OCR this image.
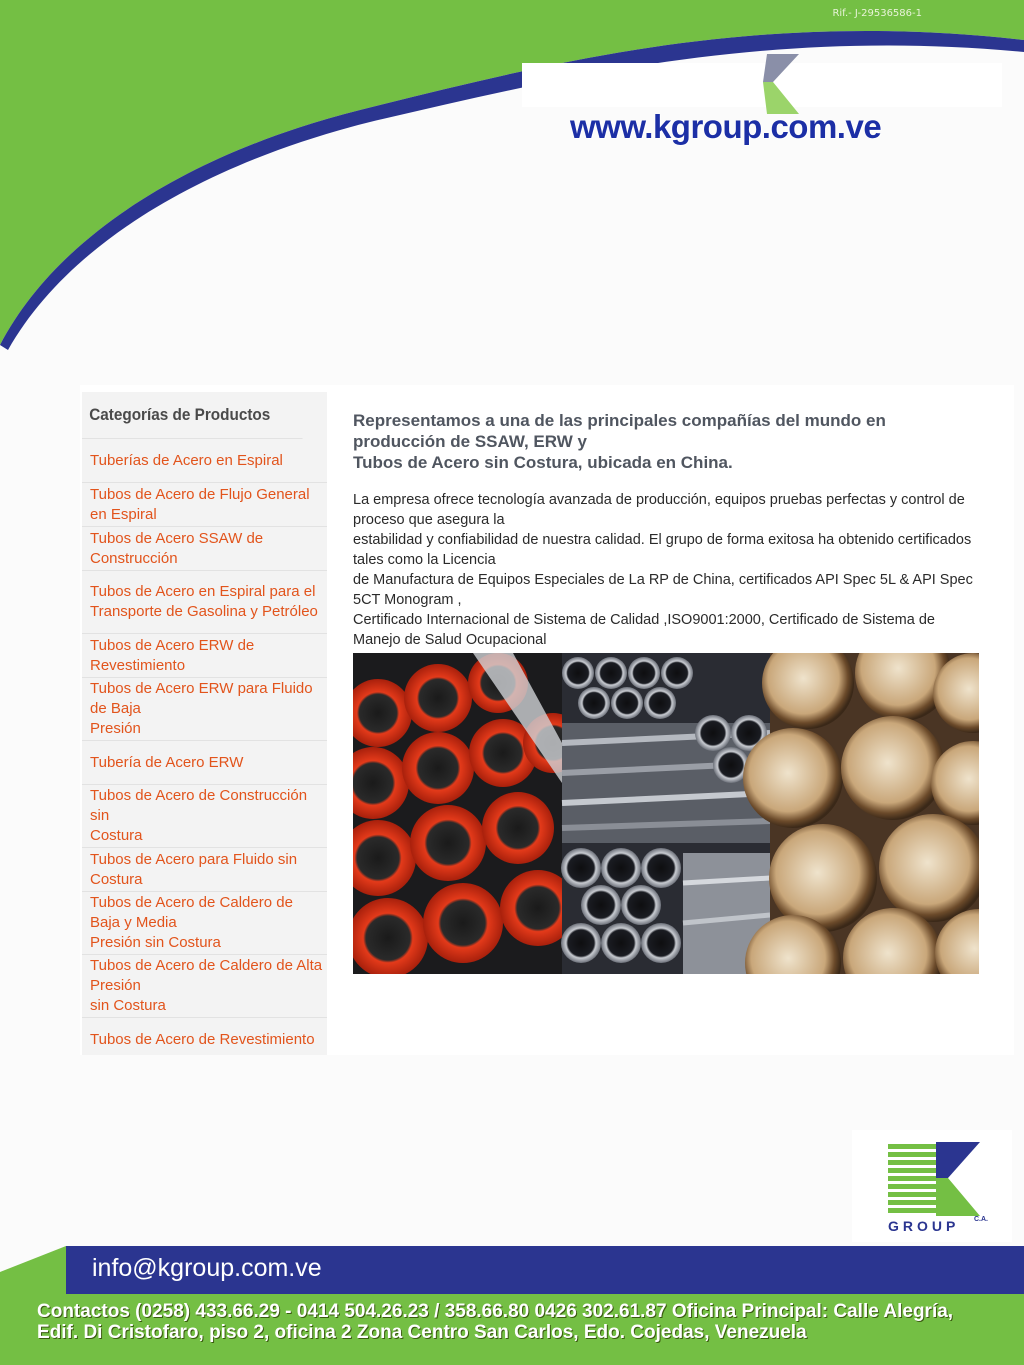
Rif.- J-29536586-1
www.kgroup.com.ve
Categorías de Productos
Tuberías de Acero en Espiral
Tubos de Acero de Flujo General en Espiral
Tubos de Acero SSAW de Construcción
Tubos de Acero en Espiral para el
Transporte de Gasolina y Petróleo
Tubos de Acero ERW de Revestimiento
Tubos de Acero ERW para Fluido de Baja
Presión
Tubería de Acero ERW
Tubos de Acero de Construcción sin
Costura
Tubos de Acero para Fluido sin Costura
Tubos de Acero de Caldero de Baja y Media
Presión sin Costura
Tubos de Acero de Caldero de Alta Presión
sin Costura
Tubos de Acero de Revestimiento

Representamos a una de las principales compañías del mundo en producción de SSAW, ERW y
Tubos de Acero sin Costura, ubicada en China.

La empresa ofrece tecnología avanzada de producción, equipos pruebas perfectas y control de proceso que asegura la
estabilidad y confiabilidad de nuestra calidad. El grupo de forma exitosa ha obtenido certificados tales como la Licencia
de Manufactura de Equipos Especiales de La RP de China, certificados API Spec 5L & API Spec 5CT Monogram ,
Certificado Internacional de Sistema de Calidad ,ISO9001:2000, Certificado de Sistema de Manejo de Salud Ocupacional

GROUP C.A.
info@kgroup.com.ve
Contactos (0258) 433.66.29 - 0414 504.26.23 / 358.66.80 0426 302.61.87 Oficina Principal: Calle Alegría,
Edif. Di Cristofaro, piso 2, oficina 2 Zona Centro San Carlos, Edo. Cojedas, Venezuela
